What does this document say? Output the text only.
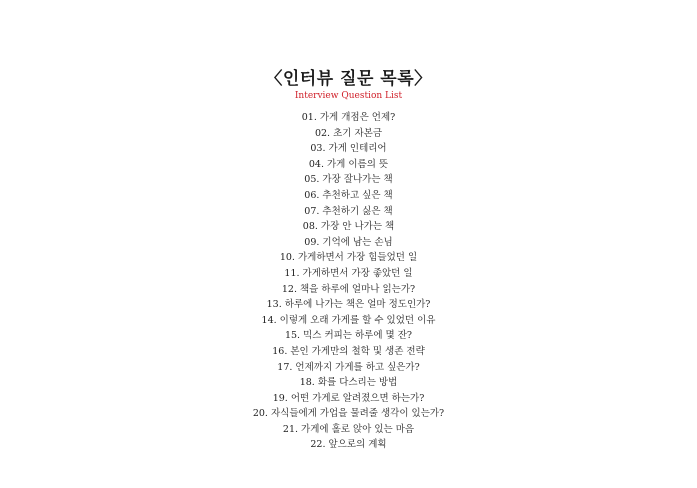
〈인터뷰 질문 목록〉
Interview Question List
01. 가게 개점은 언제?
02. 초기 자본금
03. 가게 인테리어
04. 가게 이름의 뜻
05. 가장 잘나가는 책
06. 추천하고 싶은 책
07. 추천하기 싫은 책
08. 가장 안 나가는 책
09. 기억에 남는 손님
10. 가게하면서 가장 힘들었던 일
11. 가게하면서 가장 좋았던 일
12. 책을 하루에 얼마나 읽는가?
13. 하루에 나가는 책은 얼마 정도인가?
14. 이렇게 오래 가게를 할 수 있었던 이유
15. 믹스 커피는 하루에 몇 잔?
16. 본인 가게만의 철학 및 생존 전략
17. 언제까지 가게를 하고 싶은가?
18. 화를 다스리는 방법
19. 어떤 가게로 알려졌으면 하는가?
20. 자식들에게 가업을 물려줄 생각이 있는가?
21. 가게에 홀로 앉아 있는 마음
22. 앞으로의 계획
